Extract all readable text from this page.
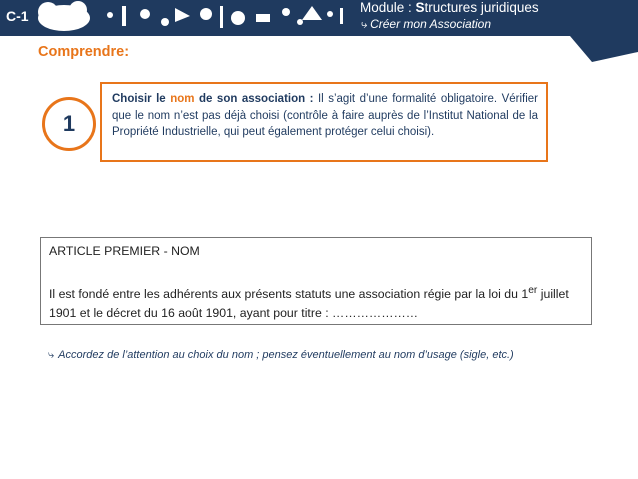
C-1
Module : Structures juridiques
⤷ Créer mon Association
Comprendre:
1
Choisir le nom de son association : Il s’agit d’une formalité obligatoire. Vérifier que le nom n’est pas déjà choisi (contrôle à faire auprès de l’Institut National de la Propriété Industrielle, qui peut également protéger celui choisi).
ARTICLE PREMIER - NOM
Il est fondé entre les adhérents aux présents statuts une association régie par la loi du 1er juillet 1901 et le décret du 16 août 1901, ayant pour titre : …………………
⤷ Accordez de l’attention au choix du nom ; pensez éventuellement au nom d’usage (sigle, etc.)
